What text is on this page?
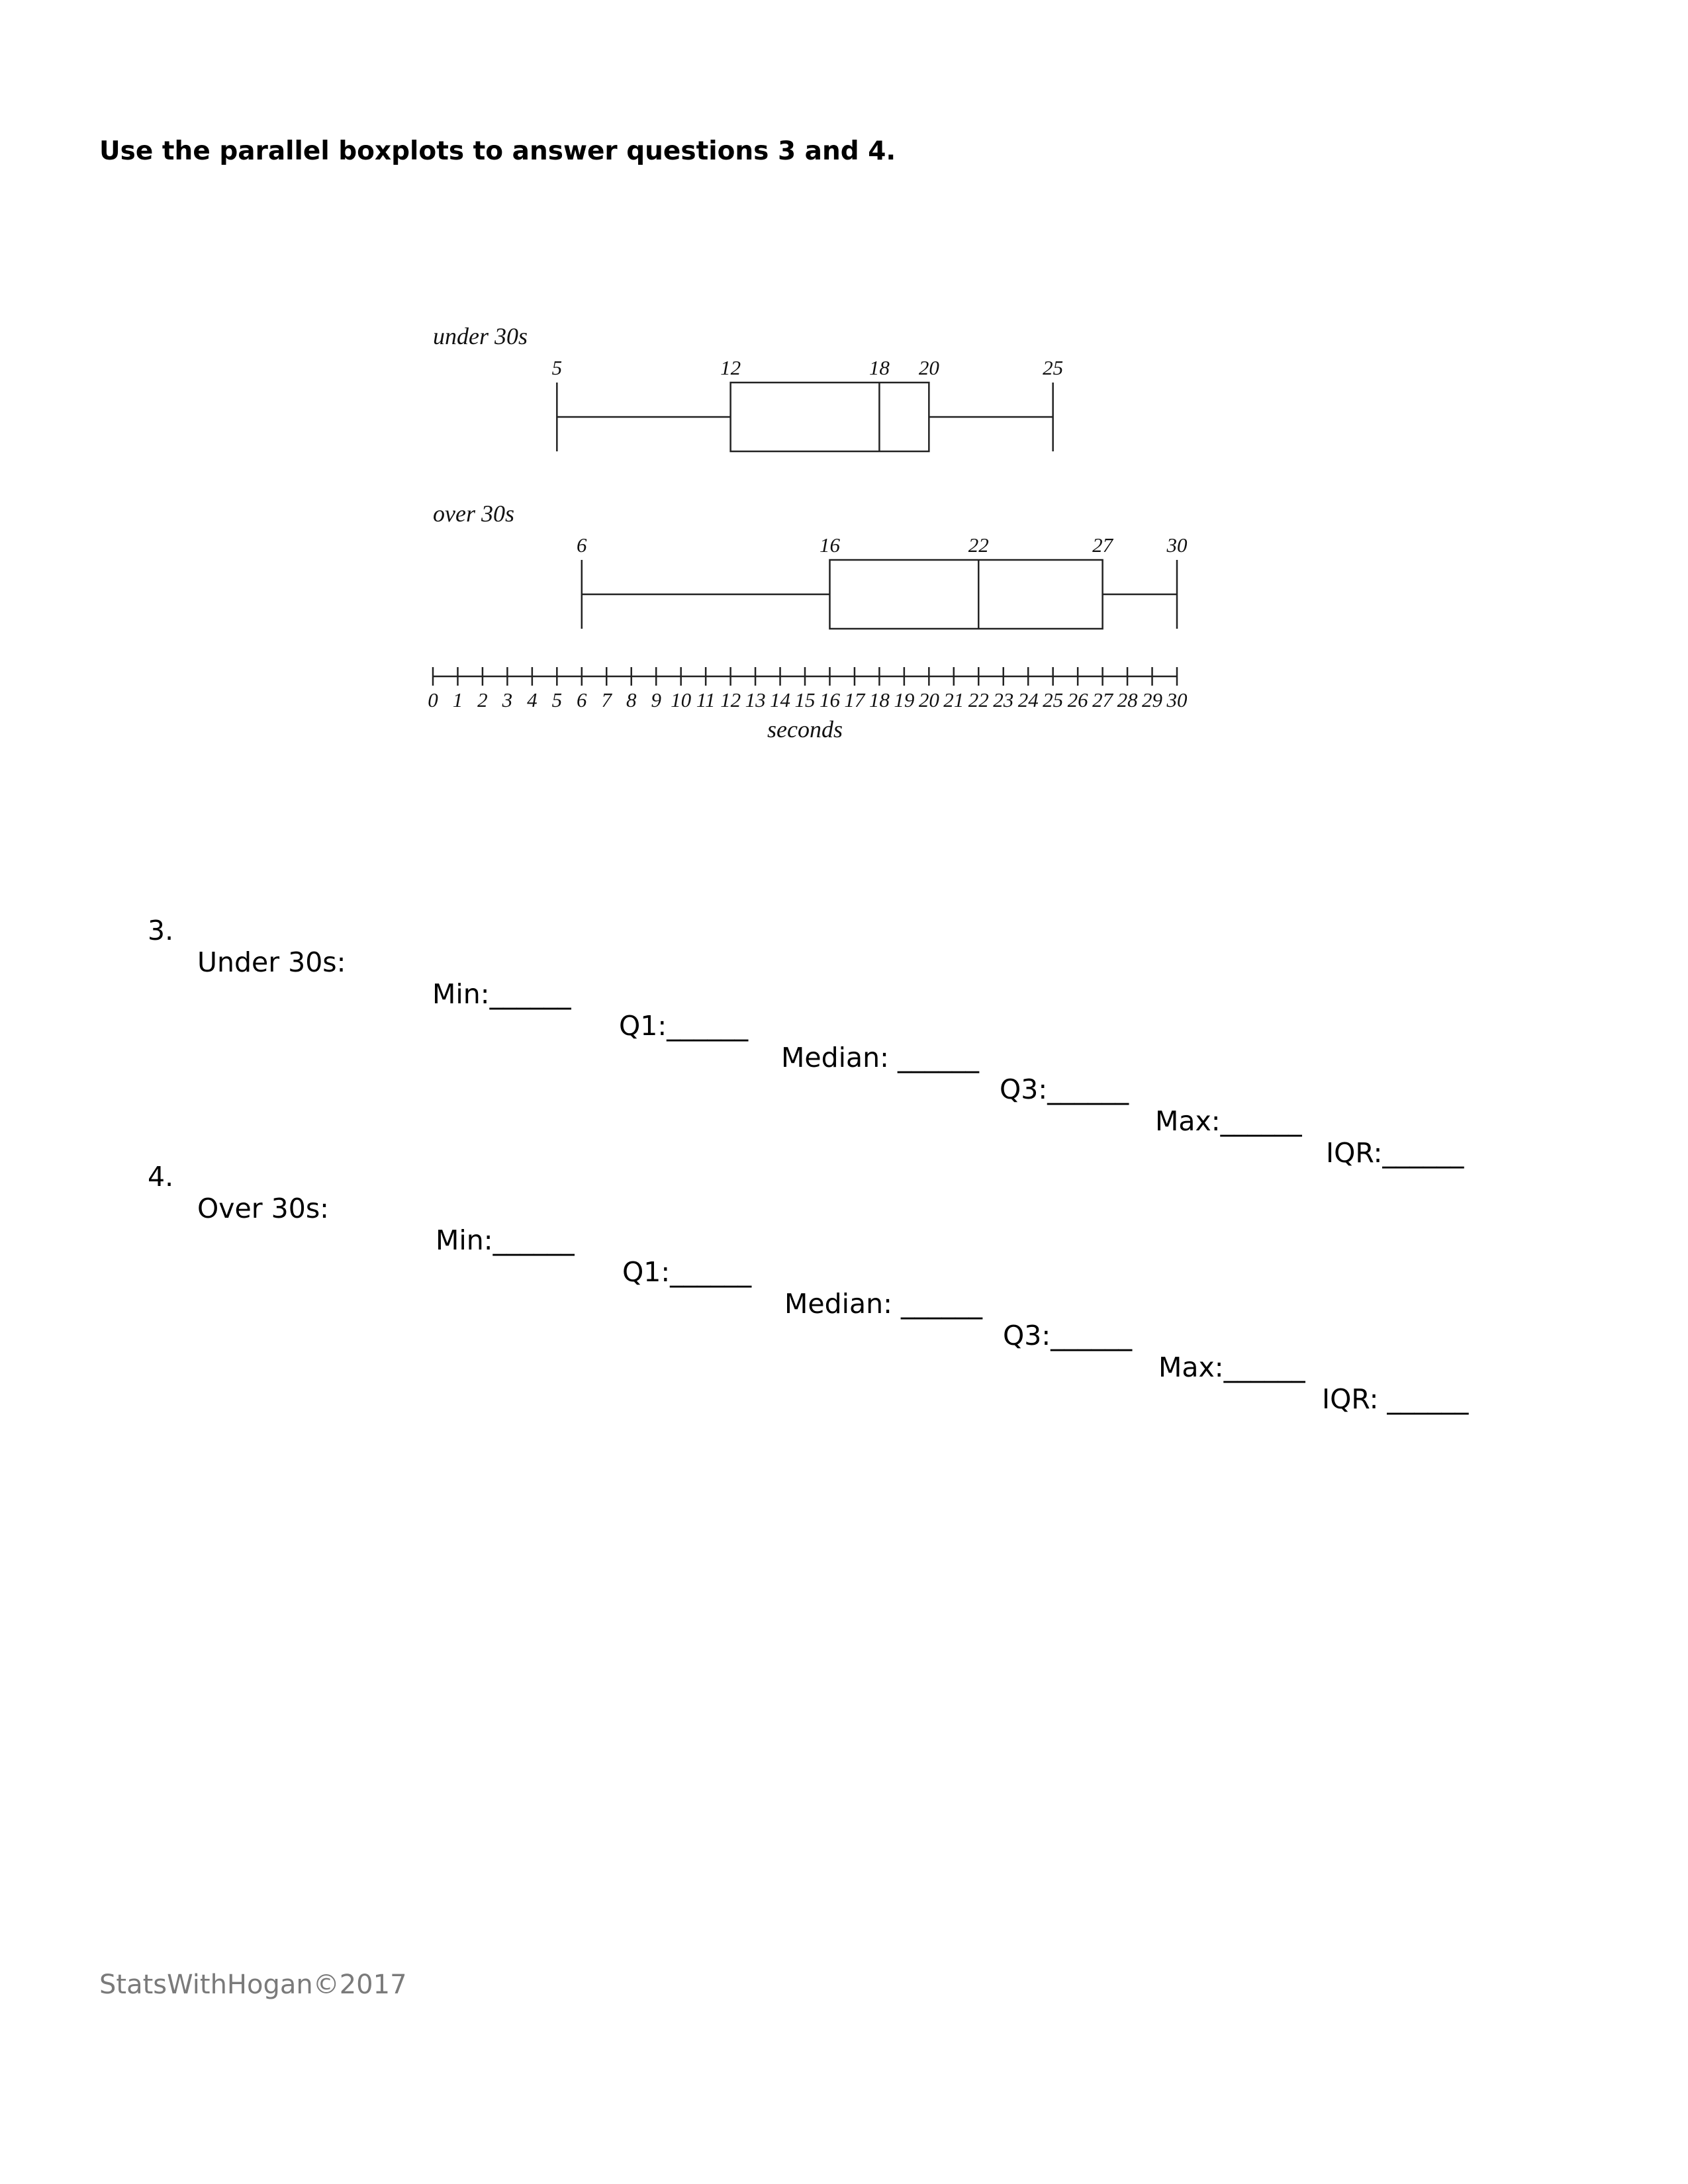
Use the parallel boxplots to answer questions 3 and 4.
under 30s
5	12	18 20	25
over 30s
6	16	22	27	30
0 1 2 3 4 5 6 7 8 9 10 11 12 13 14 15 16 17 18 19 20 21 22 23 24 25 26 27 28 29 30
seconds

3.

Under 30s:

Min:______

Q1:______

Median: ______

Q3:______

Max:______

IQR:______

4.

Over 30s:

Min:______

Q1:______

Median: ______

Q3:______

Max:______

IQR: ______

StatsWithHogan©2017
